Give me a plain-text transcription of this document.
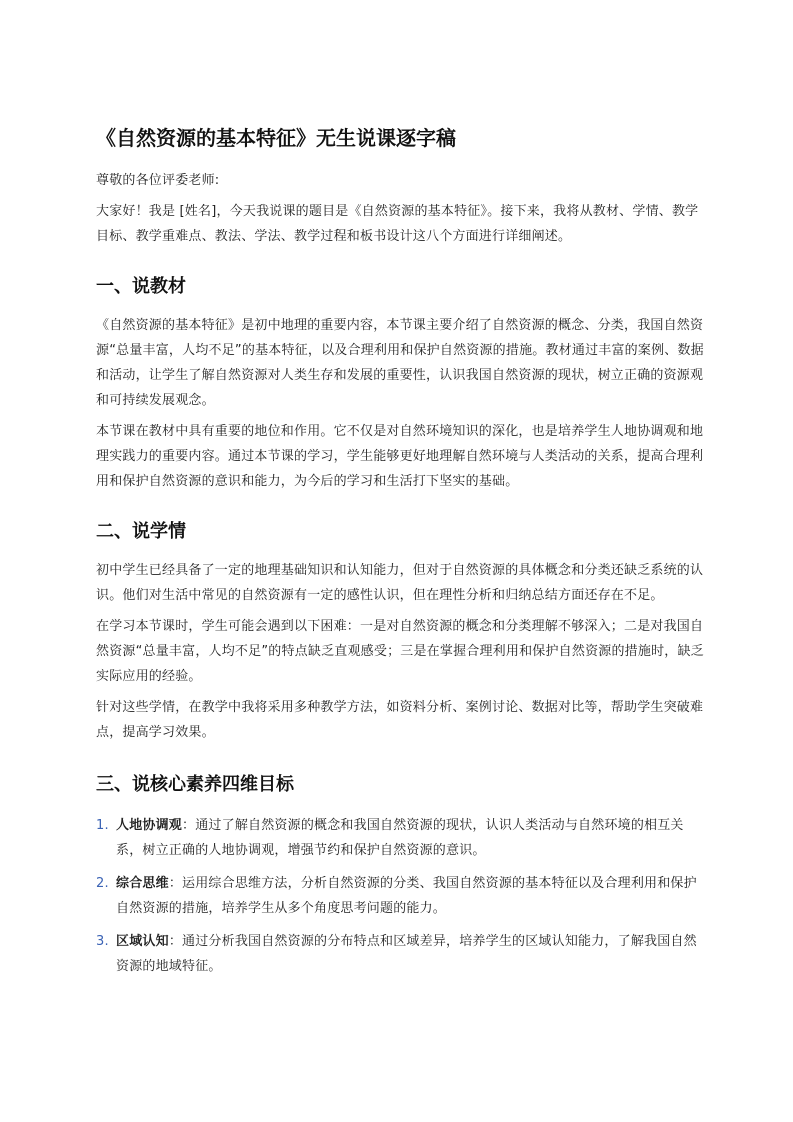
《自然资源的基本特征》无生说课逐字稿

尊敬的各位评委老师:

大家好！我是 [姓名]，今天我说课的题目是《自然资源的基本特征》。接下来，我将从教材、学情、教学目标、教学重难点、教法、学法、教学过程和板书设计这八个方面进行详细阐述。

一、说教材

《自然资源的基本特征》是初中地理的重要内容，本节课主要介绍了自然资源的概念、分类，我国自然资源“总量丰富，人均不足”的基本特征，以及合理利用和保护自然资源的措施。教材通过丰富的案例、数据和活动，让学生了解自然资源对人类生存和发展的重要性，认识我国自然资源的现状，树立正确的资源观和可持续发展观念。

本节课在教材中具有重要的地位和作用。它不仅是对自然环境知识的深化，也是培养学生人地协调观和地理实践力的重要内容。通过本节课的学习，学生能够更好地理解自然环境与人类活动的关系，提高合理利用和保护自然资源的意识和能力，为今后的学习和生活打下坚实的基础。

二、说学情

初中学生已经具备了一定的地理基础知识和认知能力，但对于自然资源的具体概念和分类还缺乏系统的认识。他们对生活中常见的自然资源有一定的感性认识，但在理性分析和归纳总结方面还存在不足。

在学习本节课时，学生可能会遇到以下困难：一是对自然资源的概念和分类理解不够深入；二是对我国自然资源“总量丰富，人均不足”的特点缺乏直观感受；三是在掌握合理利用和保护自然资源的措施时，缺乏实际应用的经验。

针对这些学情，在教学中我将采用多种教学方法，如资料分析、案例讨论、数据对比等，帮助学生突破难点，提高学习效果。

三、说核心素养四维目标
1. 人地协调观：通过了解自然资源的概念和我国自然资源的现状，认识人类活动与自然环境的相互关系，树立正确的人地协调观，增强节约和保护自然资源的意识。
2. 综合思维：运用综合思维方法，分析自然资源的分类、我国自然资源的基本特征以及合理利用和保护自然资源的措施，培养学生从多个角度思考问题的能力。
3. 区域认知：通过分析我国自然资源的分布特点和区域差异，培养学生的区域认知能力，了解我国自然资源的地域特征。
